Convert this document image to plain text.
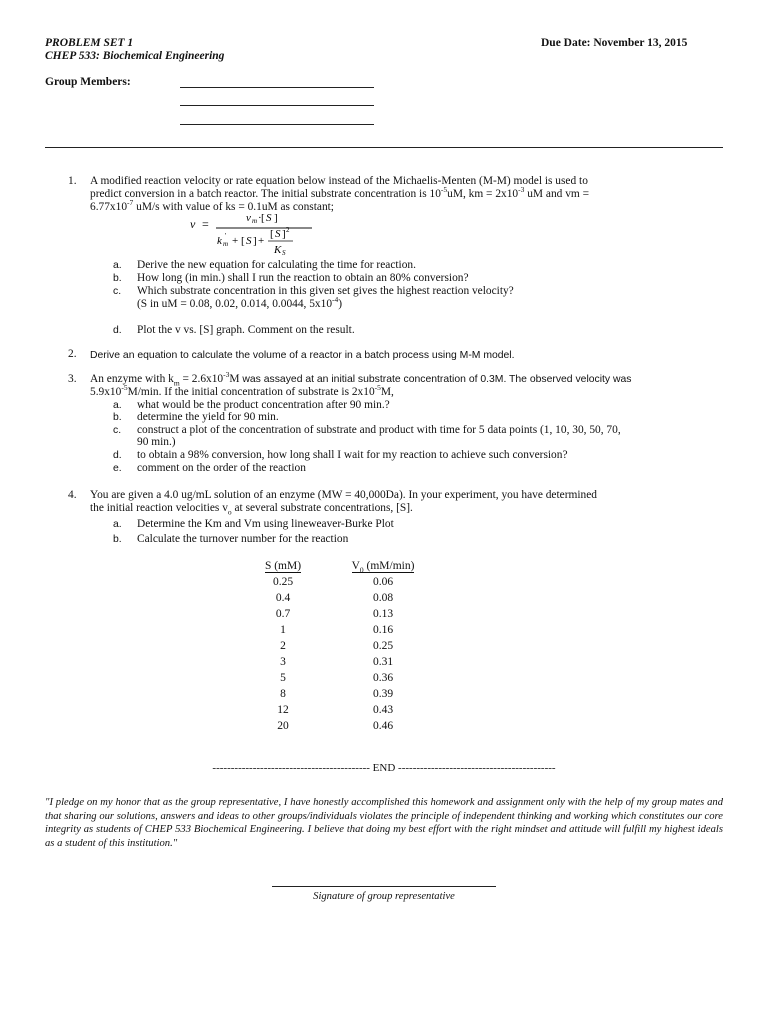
PROBLEM SET 1
CHEP 533: Biochemical Engineering
Due Date: November 13, 2015
Group Members:
1. A modified reaction velocity or rate equation below instead of the Michaelis-Menten (M-M) model is used to
predict conversion in a batch reactor. The initial substrate concentration is $10^{-5}uM$, km = $2x10^{-3}$ uM and vm =
$6.77x10^{-7}$ uM/s with value of ks = 0.1uM as constant;
v =	v m · [ S ]
k m
' + [ S ] +
[ S ] 2
K S
a. Derive the new equation for calculating the time for reaction.
b. How long (in min.) shall I run the reaction to obtain an 80% conversion?
c. Which substrate concentration in this given set gives the highest reaction velocity?
(S in uM = 0.08, 0.02, 0.014, 0.0044, $5x10^{-4}$)
d. Plot the v vs. [S] graph. Comment on the result.
2. Derive an equation to calculate the volume of a reactor in a batch process using M-M model.
3. An enzyme with $k_m = 2.6x10^{-3}M$ was assayed at an initial substrate concentration of 0.3M. The observed velocity was
$5.9x10^{-5}M/\min$. If the initial concentration of substrate is $2x10^{-5}M$,
a. what would be the product concentration after 90 min.?
b. determine the yield for 90 min.
c. construct a plot of the concentration of substrate and product with time for 5 data points (1, 10, 30, 50, 70,
90 min.)
d. to obtain a 98% conversion, how long shall I wait for my reaction to achieve such conversion?
e. comment on the order of the reaction
4. You are given a 4.0 ug/mL solution of an enzyme (MW = 40,000Da). In your experiment, you have determined
the initial reaction velocities $v_o$ at several substrate concentrations, [S].
a. Determine the Km and Vm using lineweaver-Burke Plot
b. Calculate the turnover number for the reaction
S (mM)	$V_0$ (mM/min)
0.25	0.06
0.4	0.08
0.7	0.13
1	0.16
2	0.25
3	0.31
5	0.36
8	0.39
12	0.43
20	0.46
------------------------------------------- END -------------------------------------------
"I pledge on my honor that as the group representative, I have honestly accomplished this homework and assignment only with the help of my group mates and that sharing our solutions, answers and ideas to other groups/individuals violates the principle of independent thinking and working which constitutes our core integrity as students of CHEP 533 Biochemical Engineering. I believe that doing my best effort with the right mindset and attitude will fulfill my highest ideals as a student of this institution."
Signature of group representative
